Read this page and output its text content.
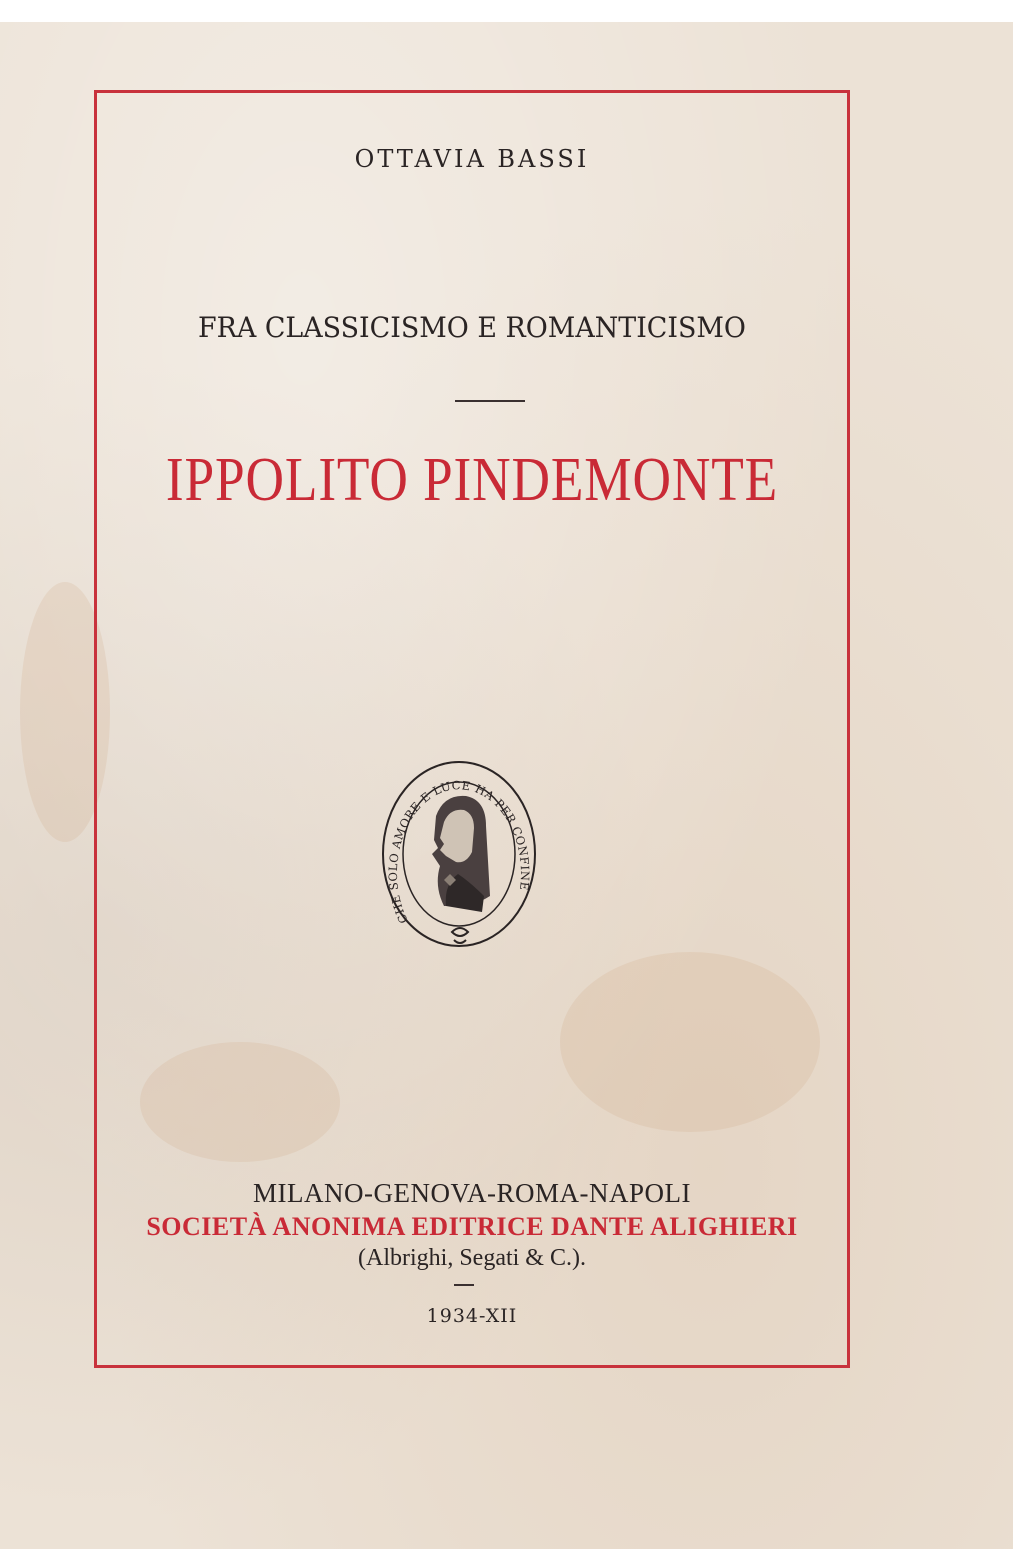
OTTAVIA BASSI
FRA CLASSICISMO E ROMANTICISMO
IPPOLITO PINDEMONTE
CHE SOLO AMORE E LUCE HA PER CONFINE
MILANO-GENOVA-ROMA-NAPOLI
SOCIETÀ ANONIMA EDITRICE DANTE ALIGHIERI
(Albrighi, Segati & C.).
1934-XII
